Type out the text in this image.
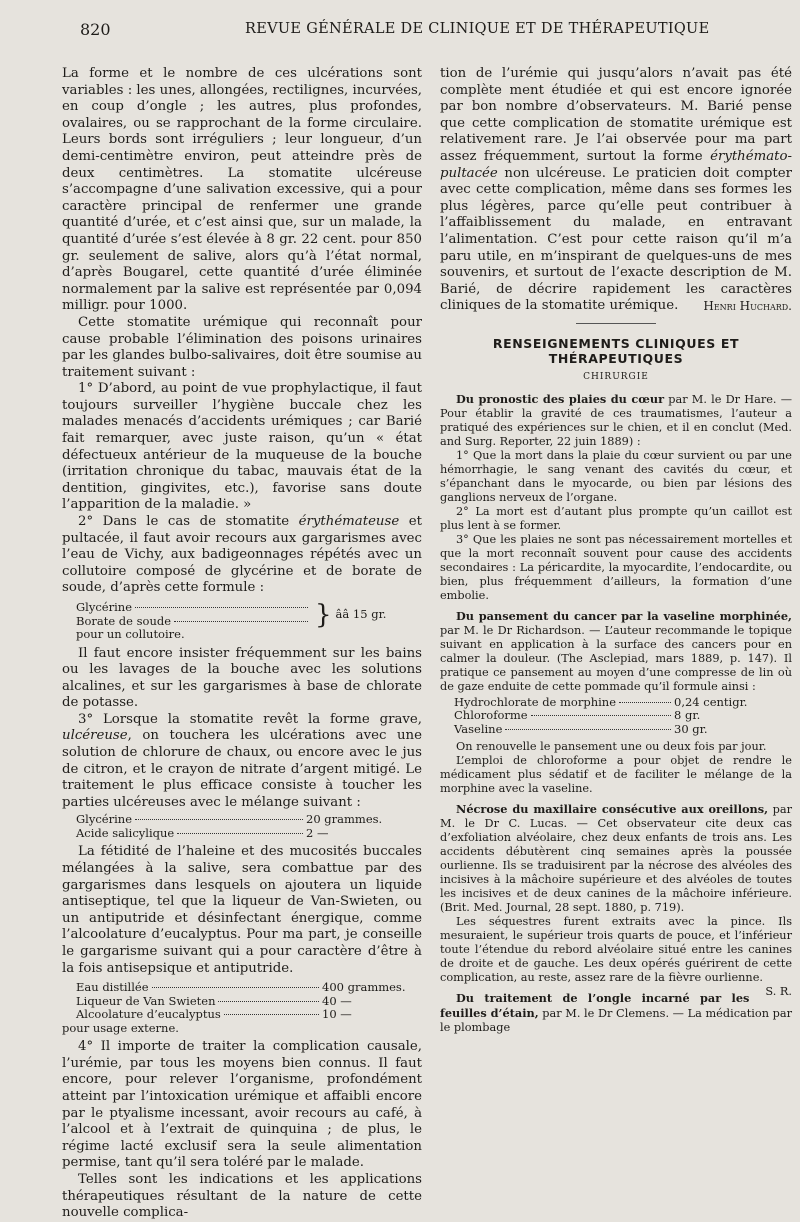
820	REVUE GÉNÉRALE DE CLINIQUE ET DE THÉRAPEUTIQUE

La forme et le nombre de ces ulcérations sont variables : les unes, allongées, rectilignes, incurvées, en coup d’ongle ; les autres, plus profondes, ovalaires, ou se rapprochant de la forme circulaire. Leurs bords sont irréguliers ; leur longueur, d’un demi-centimètre environ, peut atteindre près de deux centimètres. La stomatite ulcéreuse s’accompagne d’une salivation excessive, qui a pour caractère principal de renfermer une grande quantité d’urée, et c’est ainsi que, sur un malade, la quantité d’urée s’est élevée à 8 gr. 22 cent. pour 850 gr. seulement de salive, alors qu’à l’état normal, d’après Bougarel, cette quantité d’urée éliminée normalement par la salive est représentée par 0,094 milligr. pour 1000.

Cette stomatite urémique qui reconnaît pour cause probable l’élimination des poisons urinaires par les glandes bulbo-salivaires, doit être soumise au traitement suivant :

1° D’abord, au point de vue prophylactique, il faut toujours surveiller l’hygiène buccale chez les malades menacés d’accidents urémiques ; car Barié fait remarquer, avec juste raison, qu’un « état défectueux antérieur de la muqueuse de la bouche (irritation chronique du tabac, mauvais état de la dentition, gingivites, etc.), favorise sans doute l’apparition de la maladie. »

2° Dans le cas de stomatite érythémateuse et pultacée, il faut avoir recours aux gargarismes avec l’eau de Vichy, aux badigeonnages répétés avec un collutoire composé de glycérine et de borate de soude, d’après cette formule :

Glycérine
Borate de soude	} ââ 15 gr.
pour un collutoire.

Il faut encore insister fréquemment sur les bains ou les lavages de la bouche avec les solutions alcalines, et sur les gargarismes à base de chlorate de potasse.

3° Lorsque la stomatite revêt la forme grave, ulcéreuse, on touchera les ulcérations avec une solution de chlorure de chaux, ou encore avec le jus de citron, et le crayon de nitrate d’argent mitigé. Le traitement le plus efficace consiste à toucher les parties ulcéreuses avec le mélange suivant :

Glycérine	20 grammes.
Acide salicylique	2 —

La fétidité de l’haleine et des mucosités buccales mélangées à la salive, sera combattue par des gargarismes dans lesquels on ajoutera un liquide antiseptique, tel que la liqueur de Van-Swieten, ou un antiputride et désinfectant énergique, comme l’alcoolature d’eucalyptus. Pour ma part, je conseille le gargarisme suivant qui a pour caractère d’être à la fois antisepsique et antiputride.

Eau distillée	400 grammes.
Liqueur de Van Swieten	40 —
Alcoolature d’eucalyptus	10 —
pour usage externe.

4° Il importe de traiter la complication causale, l’urémie, par tous les moyens bien connus. Il faut encore, pour relever l’organisme, profondément atteint par l’intoxication urémique et affaibli encore par le ptyalisme incessant, avoir recours au café, à l’alcool et à l’extrait de quinquina ; de plus, le régime lacté exclusif sera la seule alimentation permise, tant qu’il sera toléré par le malade.

Telles sont les indications et les applications thérapeutiques résultant de la nature de cette nouvelle complica-

tion de l’urémie qui jusqu’alors n’avait pas été complète ment étudiée et qui est encore ignorée par bon nombre d’observateurs. M. Barié pense que cette complication de stomatite urémique est relativement rare. Je l’ai observée pour ma part assez fréquemment, surtout la forme érythémato-pultacée non ulcéreuse. Le praticien doit compter avec cette complication, même dans ses formes les plus légères, parce qu’elle peut contribuer à l’affaiblissement du malade, en entravant l’alimentation. C’est pour cette raison qu’il m’a paru utile, en m’inspirant de quelques-uns de mes souvenirs, et surtout de l’exacte description de M. Barié, de décrire rapidement les caractères cliniques de la stomatite urémique. Henri Huchard.

RENSEIGNEMENTS CLINIQUES ET THÉRAPEUTIQUES
CHIRURGIE

Du pronostic des plaies du cœur par M. le Dr Hare. — Pour établir la gravité de ces traumatismes, l’auteur a pratiqué des expériences sur le chien, et il en conclut (Med. and Surg. Reporter, 22 juin 1889) :

1° Que la mort dans la plaie du cœur survient ou par une hémorrhagie, le sang venant des cavités du cœur, et s’épanchant dans le myocarde, ou bien par lésions des ganglions nerveux de l’organe.

2° La mort est d’autant plus prompte qu’un caillot est plus lent à se former.

3° Que les plaies ne sont pas nécessairement mortelles et que la mort reconnaît souvent pour cause des accidents secondaires : La péricardite, la myocardite, l’endocardite, ou bien, plus fréquemment d’ailleurs, la formation d’une embolie.

Du pansement du cancer par la vaseline morphinée, par M. le Dr Richardson. — L’auteur recommande le topique suivant en application à la surface des cancers pour en calmer la douleur. (The Asclepiad, mars 1889, p. 147). Il pratique ce pansement au moyen d’une compresse de lin où de gaze enduite de cette pommade qu’il formule ainsi :

Hydrochlorate de morphine	0,24 centigr.
Chloroforme	8 gr.
Vaseline	30 gr.

On renouvelle le pansement une ou deux fois par jour.

L’emploi de chloroforme a pour objet de rendre le médicament plus sédatif et de faciliter le mélange de la morphine avec la vaseline.

Nécrose du maxillaire consécutive aux oreillons, par M. le Dr C. Lucas. — Cet observateur cite deux cas d’exfoliation alvéolaire, chez deux enfants de trois ans. Les accidents débutèrent cinq semaines après la poussée ourlienne. Ils se traduisirent par la nécrose des alvéoles des incisives à la mâchoire supérieure et des alvéoles de toutes les incisives et de deux canines de la mâchoire inférieure. (Brit. Med. Journal, 28 sept. 1880, p. 719).

Les séquestres furent extraits avec la pince. Ils mesuraient, le supérieur trois quarts de pouce, et l’inférieur toute l’étendue du rebord alvéolaire situé entre les canines de droite et de gauche. Les deux opérés guérirent de cette complication, au reste, assez rare de la fièvre ourlienne.
S. R.

Du traitement de l’ongle incarné par les feuilles d’étain, par M. le Dr Clemens. — La médication par le plombage
